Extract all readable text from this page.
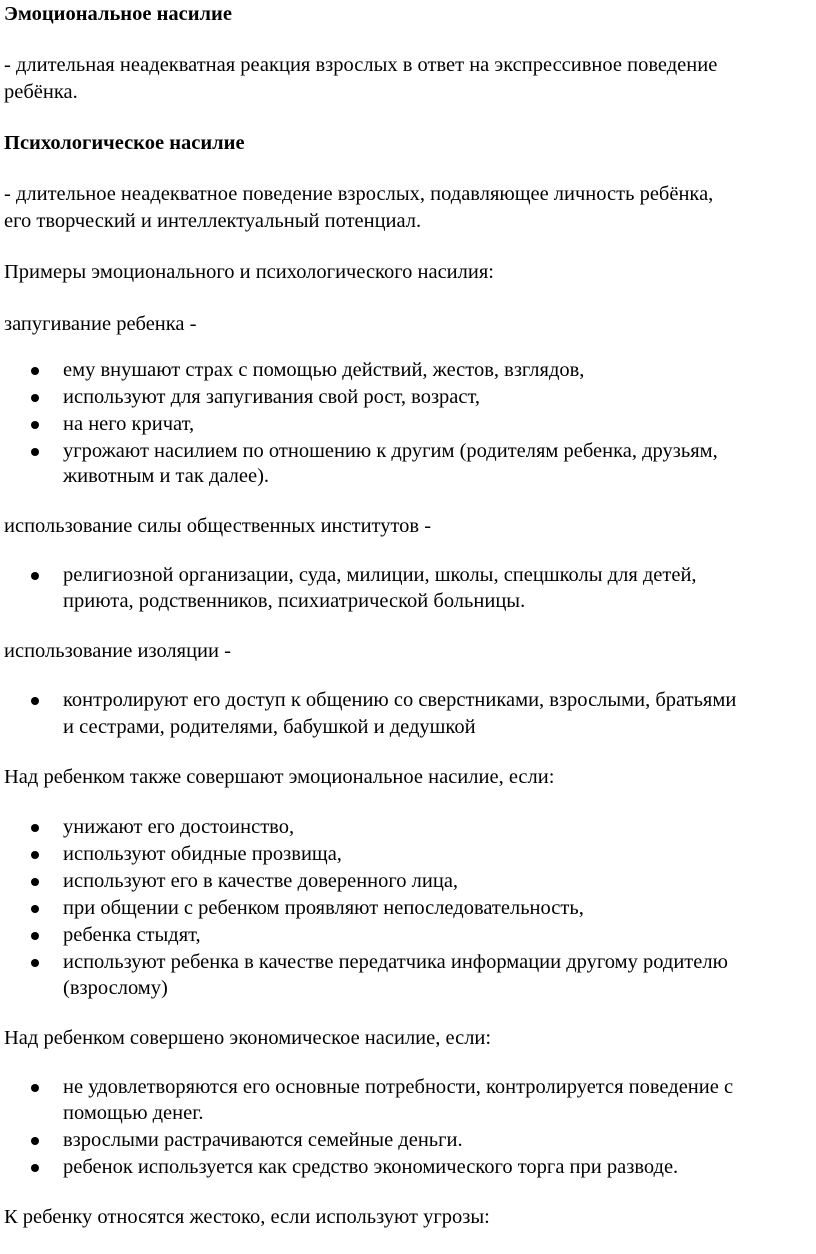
Эмоциональное насилие
- длительная неадекватная реакция взрослых в ответ на экспрессивное поведение
ребёнка.
Психологическое насилие
- длительное неадекватное поведение взрослых, подавляющее личность ребёнка,
его творческий и интеллектуальный потенциал.
Примеры эмоционального и психологического насилия:
запугивание ребенка -
ему внушают страх с помощью действий, жестов, взглядов,
используют для запугивания свой рост, возраст,
на него кричат,
угрожают насилием по отношению к другим (родителям ребенка, друзьям,
животным и так далее).
использование силы общественных институтов -
религиозной организации, суда, милиции, школы, спецшколы для детей,
приюта, родственников, психиатрической больницы.
использование изоляции -
контролируют его доступ к общению со сверстниками, взрослыми, братьями
и сестрами, родителями, бабушкой и дедушкой
Над ребенком также совершают эмоциональное насилие, если:
унижают его достоинство,
используют обидные прозвища,
используют его в качестве доверенного лица,
при общении с ребенком проявляют непоследовательность,
ребенка стыдят,
используют ребенка в качестве передатчика информации другому родителю
(взрослому)
Над ребенком совершено экономическое насилие, если:
не удовлетворяются его основные потребности, контролируется поведение с
помощью денег.
взрослыми растрачиваются семейные деньги.
ребенок используется как средство экономического торга при разводе.
К ребенку относятся жестоко, если используют угрозы:
